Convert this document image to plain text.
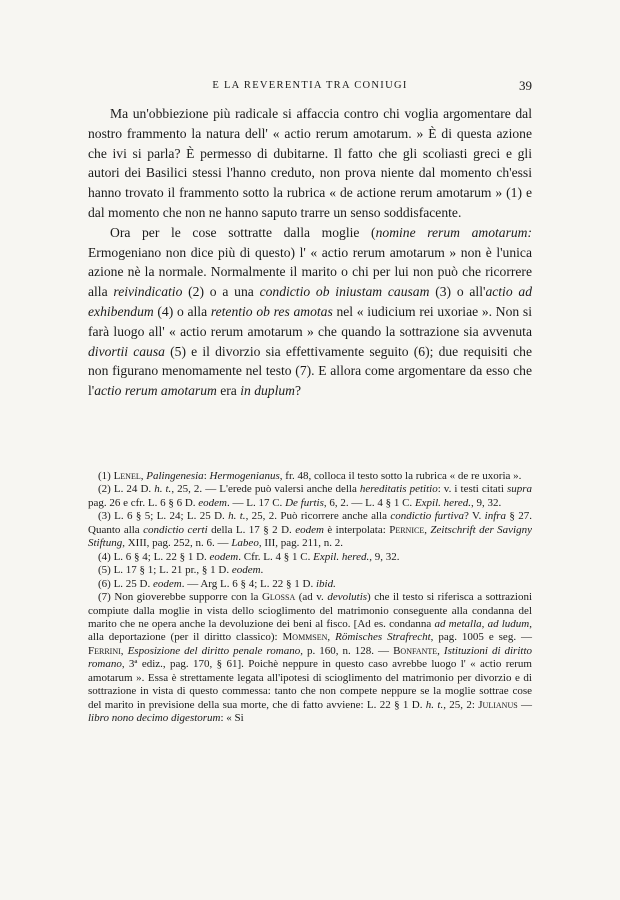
E LA REVERENTIA TRA CONIUGI	39

Ma un'obbiezione più radicale si affaccia contro chi voglia argomentare dal nostro frammento la natura dell' « actio rerum amotarum. » È di questa azione che ivi si parla? È permesso di dubitarne. Il fatto che gli scoliasti greci e gli autori dei Basilici stessi l'hanno creduto, non prova niente dal momento ch'essi hanno trovato il frammento sotto la rubrica « de actione rerum amotarum » (1) e dal momento che non ne hanno saputo trarre un senso soddisfacente.

Ora per le cose sottratte dalla moglie (nomine rerum amotarum: Ermogeniano non dice più di questo) l' « actio rerum amotarum » non è l'unica azione nè la normale. Normalmente il marito o chi per lui non può che ricorrere alla reivindicatio (2) o a una condictio ob iniustam causam (3) o all'actio ad exhibendum (4) o alla retentio ob res amotas nel « iudicium rei uxoriae ». Non si farà luogo all' « actio rerum amotarum » che quando la sottrazione sia avvenuta divortii causa (5) e il divorzio sia effettivamente seguito (6); due requisiti che non figurano menomamente nel testo (7). E allora come argomentare da esso che l'actio rerum amotarum era in duplum?

(1) Lenel, Palingenesia: Hermogenianus, fr. 48, colloca il testo sotto la rubrica « de re uxoria ».

(2) L. 24 D. h. t., 25, 2. — L'erede può valersi anche della hereditatis petitio: v. i testi citati supra pag. 26 e cfr. L. 6 § 6 D. eodem. — L. 17 C. De furtis, 6, 2. — L. 4 § 1 C. Expil. hered., 9, 32.

(3) L. 6 § 5; L. 24; L. 25 D. h. t., 25, 2. Può ricorrere anche alla condictio furtiva? V. infra § 27. Quanto alla condictio certi della L. 17 § 2 D. eodem è interpolata: Pernice, Zeitschrift der Savigny Stiftung, XIII, pag. 252, n. 6. — Labeo, III, pag. 211, n. 2.

(4) L. 6 § 4; L. 22 § 1 D. eodem. Cfr. L. 4 § 1 C. Expil. hered., 9, 32.

(5) L. 17 § 1; L. 21 pr., § 1 D. eodem.

(6) L. 25 D. eodem. — Arg L. 6 § 4; L. 22 § 1 D. ibid.

(7) Non gioverebbe supporre con la Glossa (ad v. devolutis) che il testo si riferisca a sottrazioni compiute dalla moglie in vista dello scioglimento del matrimonio conseguente alla condanna del marito che ne opera anche la devoluzione dei beni al fisco. [Ad es. condanna ad metalla, ad ludum, alla deportazione (per il diritto classico): Mommsen, Römisches Strafrecht, pag. 1005 e seg. — Ferrini, Esposizione del diritto penale romano, p. 160, n. 128. — Bonfante, Istituzioni di diritto romano, 3ª ediz., pag. 170, § 61]. Poichè neppure in questo caso avrebbe luogo l' « actio rerum amotarum ». Essa è strettamente legata all'ipotesi di scioglimento del matrimonio per divorzio e di sottrazione in vista di questo commessa: tanto che non compete neppure se la moglie sottrae cose del marito in previsione della sua morte, che di fatto avviene: L. 22 § 1 D. h. t., 25, 2: Julianus — libro nono decimo digestorum: « Si
